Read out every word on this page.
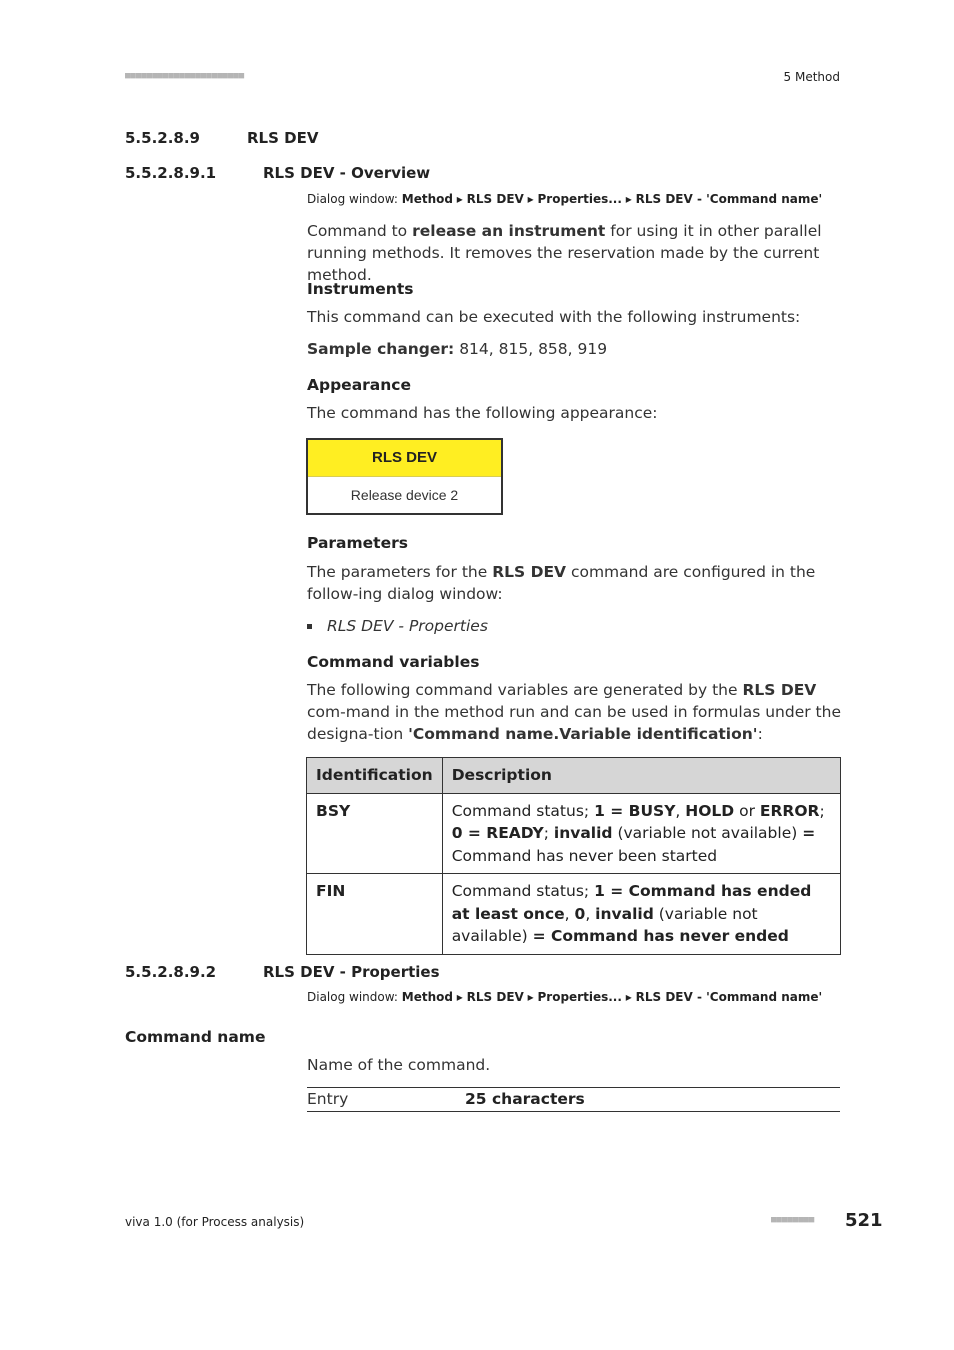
■■■■■■■■■■■■■■■■■■■■■■	5 Method
5.5.2.8.9	RLS DEV
5.5.2.8.9.1	RLS DEV - Overview
Dialog window: Method ▸ RLS DEV ▸ Properties... ▸ RLS DEV - 'Command name'
Command to release an instrument for using it in other parallel running methods. It removes the reservation made by the current method.
Instruments
This command can be executed with the following instruments:
Sample changer: 814, 815, 858, 919
Appearance
The command has the following appearance:
RLS DEV
Release device 2
Parameters
The parameters for the RLS DEV command are configured in the follow-ing dialog window:
RLS DEV - Properties
Command variables
The following command variables are generated by the RLS DEV com-mand in the method run and can be used in formulas under the designa-tion 'Command name.Variable identification':
Identification	Description
BSY	Command status; 1 = BUSY, HOLD or ERROR; 0 = READY; invalid (variable not available) = Command has never been started
FIN	Command status; 1 = Command has ended at least once, 0, invalid (variable not available) = Command has never ended
5.5.2.8.9.2	RLS DEV - Properties
Dialog window: Method ▸ RLS DEV ▸ Properties... ▸ RLS DEV - 'Command name'
Command name
Name of the command.
Entry	25 characters
viva 1.0 (for Process analysis)	■■■■■■■■ 521
